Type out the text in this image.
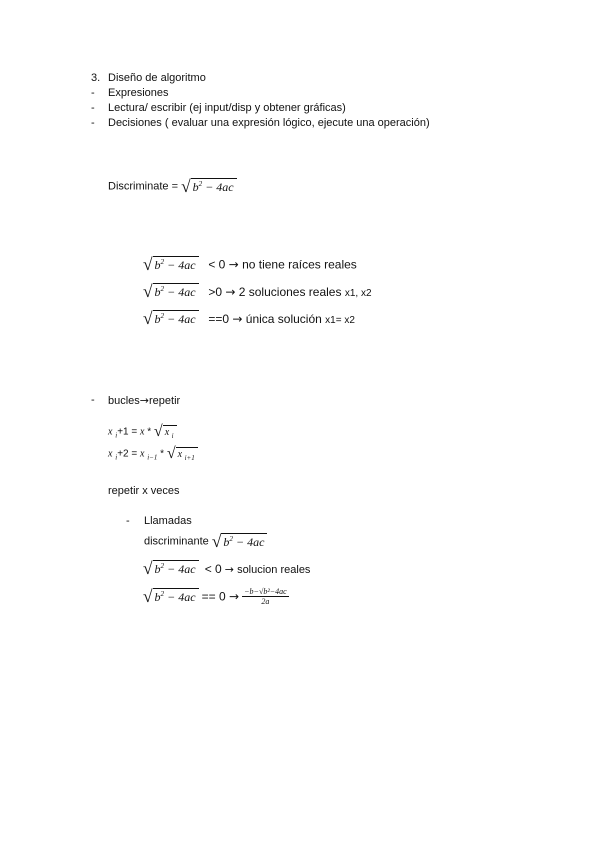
3. Diseño de algoritmo
- Expresiones
- Lectura/ escribir (ej input/disp y obtener gráficas)
- Decisiones ( evaluar una expresión lógico, ejecute una operación)
Discriminate = √ $b^2 - 4ac$
√ $b^2 - 4ac < 0$ → no tiene raíces reales
√ $b^2 - 4ac >0 \to 2$ soluciones reales x1, x2
√ $b^2 - 4ac ==0$ → única solución x1= x2
- bucles→repetir
x $_i$+1 = x * √ x $_i$
x $_i$+2 = x $_{i-1}$ * √ x $_{i+1}$
repetir x veces
- Llamadas
discriminante √ $b^2 - 4ac$
√ $b^2 - 4ac < 0$ → solucion reales
√ $b^2 - 4ac == 0 \to \frac{\text{−b−√b²−4ac}}{2a}$
